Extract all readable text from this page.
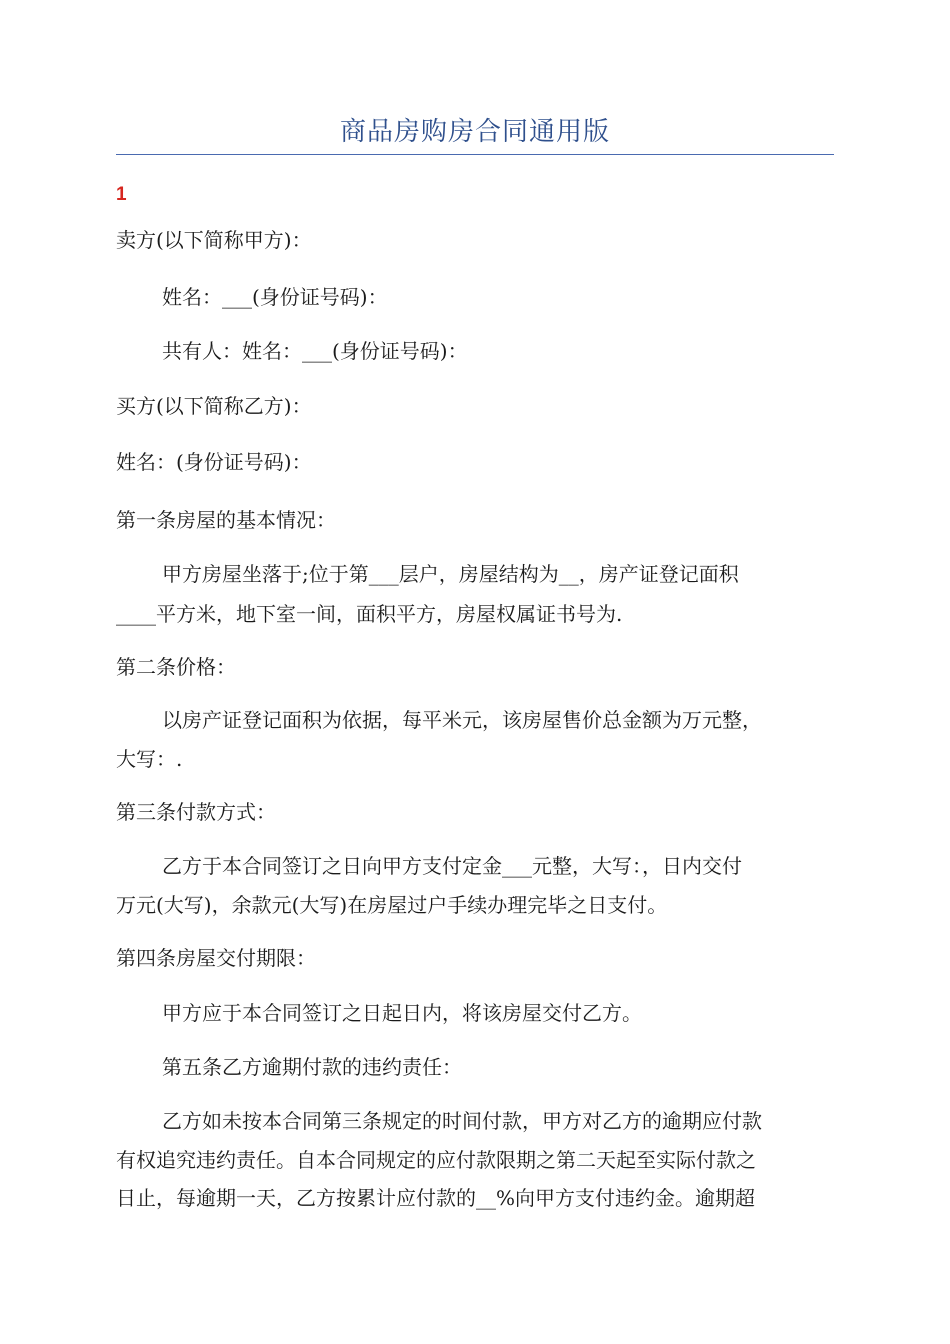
商品房购房合同通用版
1
卖方(以下简称甲方)：
姓名：___(身份证号码)：
共有人：姓名：___(身份证号码)：
买方(以下简称乙方)：
姓名：(身份证号码)：
第一条房屋的基本情况：
甲方房屋坐落于;位于第___层户，房屋结构为__，房产证登记面积
____平方米，地下室一间，面积平方，房屋权属证书号为.
第二条价格：
以房产证登记面积为依据，每平米元，该房屋售价总金额为万元整，
大写：.
第三条付款方式：
乙方于本合同签订之日向甲方支付定金___元整，大写：，日内交付
万元(大写)，余款元(大写)在房屋过户手续办理完毕之日支付。
第四条房屋交付期限：
甲方应于本合同签订之日起日内，将该房屋交付乙方。
第五条乙方逾期付款的违约责任：
乙方如未按本合同第三条规定的时间付款，甲方对乙方的逾期应付款
有权追究违约责任。自本合同规定的应付款限期之第二天起至实际付款之
日止，每逾期一天，乙方按累计应付款的__%向甲方支付违约金。逾期超
